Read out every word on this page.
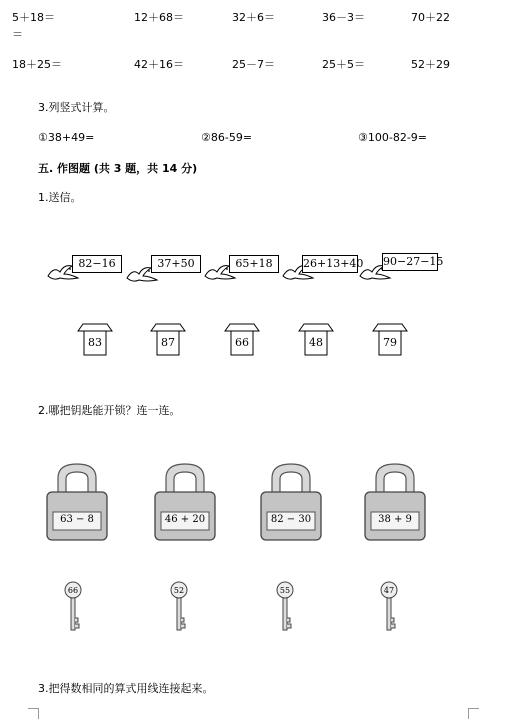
5＋18＝	12＋68＝	32＋6＝	36－3＝	70＋22
＝
18＋25＝	42＋16＝	25－7＝	25＋5＝	52＋29
3.列竖式计算。
①38+49=	②86-59=	③100-82-9=
五. 作图题 (共 3 题，共 14 分)
1.送信。
82−16	37+50	65+18	26+13+40 90−27−15
83	87	66	48	79
2.哪把钥匙能开锁？连一连。
63 − 8	46 + 20	82 − 30	38 + 9
66	52	55	47
3.把得数相同的算式用线连接起来。
